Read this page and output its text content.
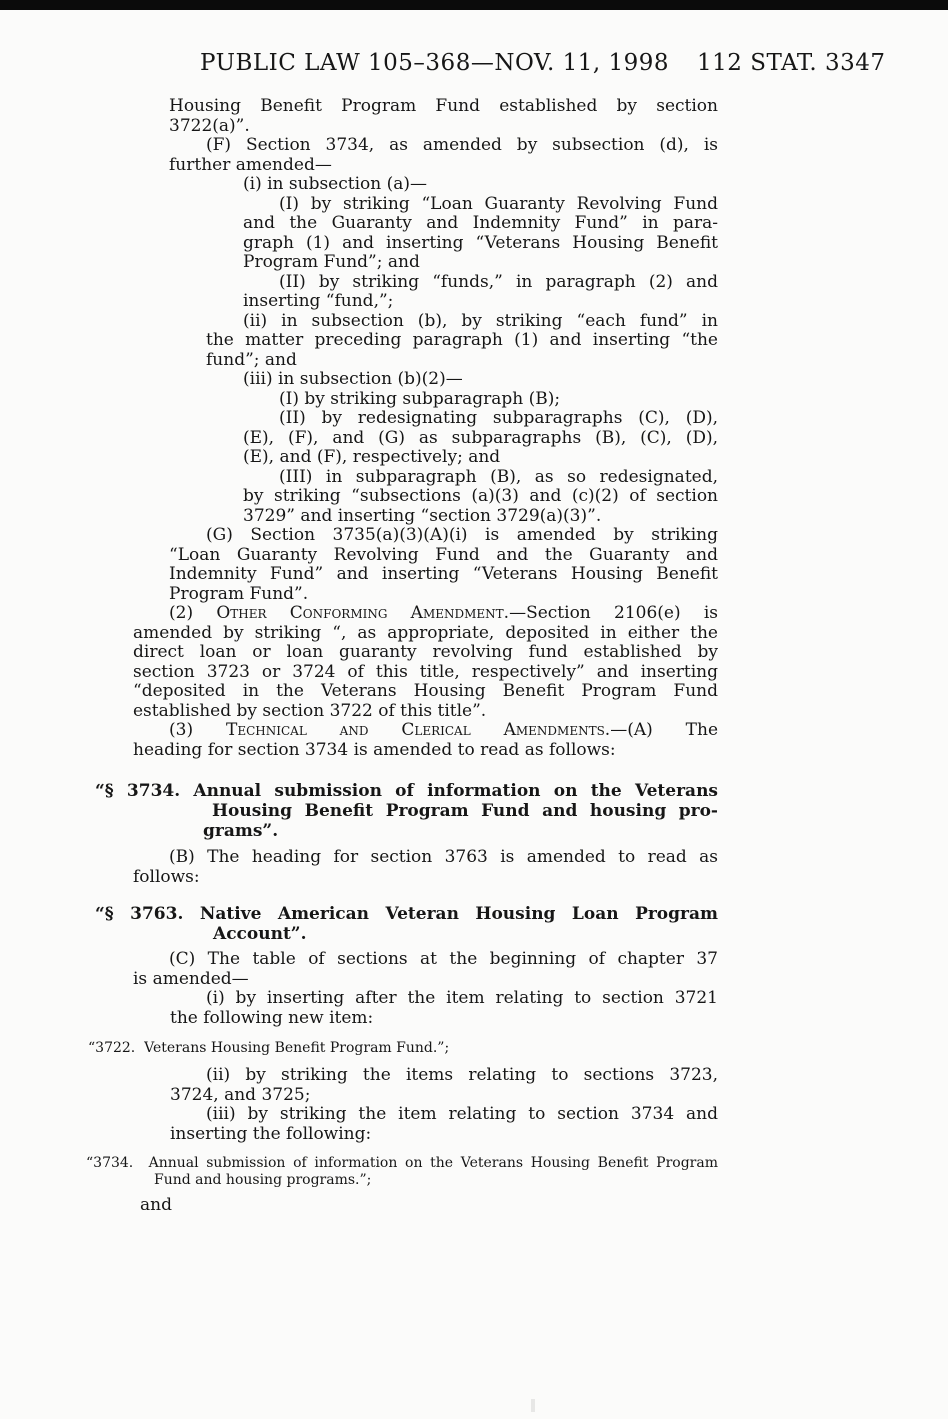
PUBLIC LAW 105–368—NOV. 11, 1998 112 STAT. 3347
Housing Benefit Program Fund established by section
3722(a)”.
(F) Section 3734, as amended by subsection (d), is
further amended—
(i) in subsection (a)—
(I) by striking “Loan Guaranty Revolving Fund
and the Guaranty and Indemnity Fund” in para-
graph (1) and inserting “Veterans Housing Benefit
Program Fund”; and
(II) by striking “funds,” in paragraph (2) and
inserting “fund,”;
(ii) in subsection (b), by striking “each fund” in
the matter preceding paragraph (1) and inserting “the
fund”; and
(iii) in subsection (b)(2)—
(I) by striking subparagraph (B);
(II) by redesignating subparagraphs (C), (D),
(E), (F), and (G) as subparagraphs (B), (C), (D),
(E), and (F), respectively; and
(III) in subparagraph (B), as so redesignated,
by striking “subsections (a)(3) and (c)(2) of section
3729” and inserting “section 3729(a)(3)”.
(G) Section 3735(a)(3)(A)(i) is amended by striking
“Loan Guaranty Revolving Fund and the Guaranty and
Indemnity Fund” and inserting “Veterans Housing Benefit
Program Fund”.
(2) Other Conforming Amendment.—Section 2106(e) is
amended by striking “, as appropriate, deposited in either the
direct loan or loan guaranty revolving fund established by
section 3723 or 3724 of this title, respectively” and inserting
“deposited in the Veterans Housing Benefit Program Fund
established by section 3722 of this title”.
(3) Technical and Clerical Amendments.—(A) The
heading for section 3734 is amended to read as follows:
“§ 3734. Annual submission of information on the Veterans
Housing Benefit Program Fund and housing pro-
grams”.
(B) The heading for section 3763 is amended to read as
follows:
“§ 3763. Native American Veteran Housing Loan Program
Account”.
(C) The table of sections at the beginning of chapter 37
is amended—
(i) by inserting after the item relating to section 3721
the following new item:
“3722.  Veterans Housing Benefit Program Fund.”;
(ii) by striking the items relating to sections 3723,
3724, and 3725;
(iii) by striking the item relating to section 3734 and
inserting the following:
“3734.  Annual submission of information on the Veterans Housing Benefit Program
Fund and housing programs.”;
and
